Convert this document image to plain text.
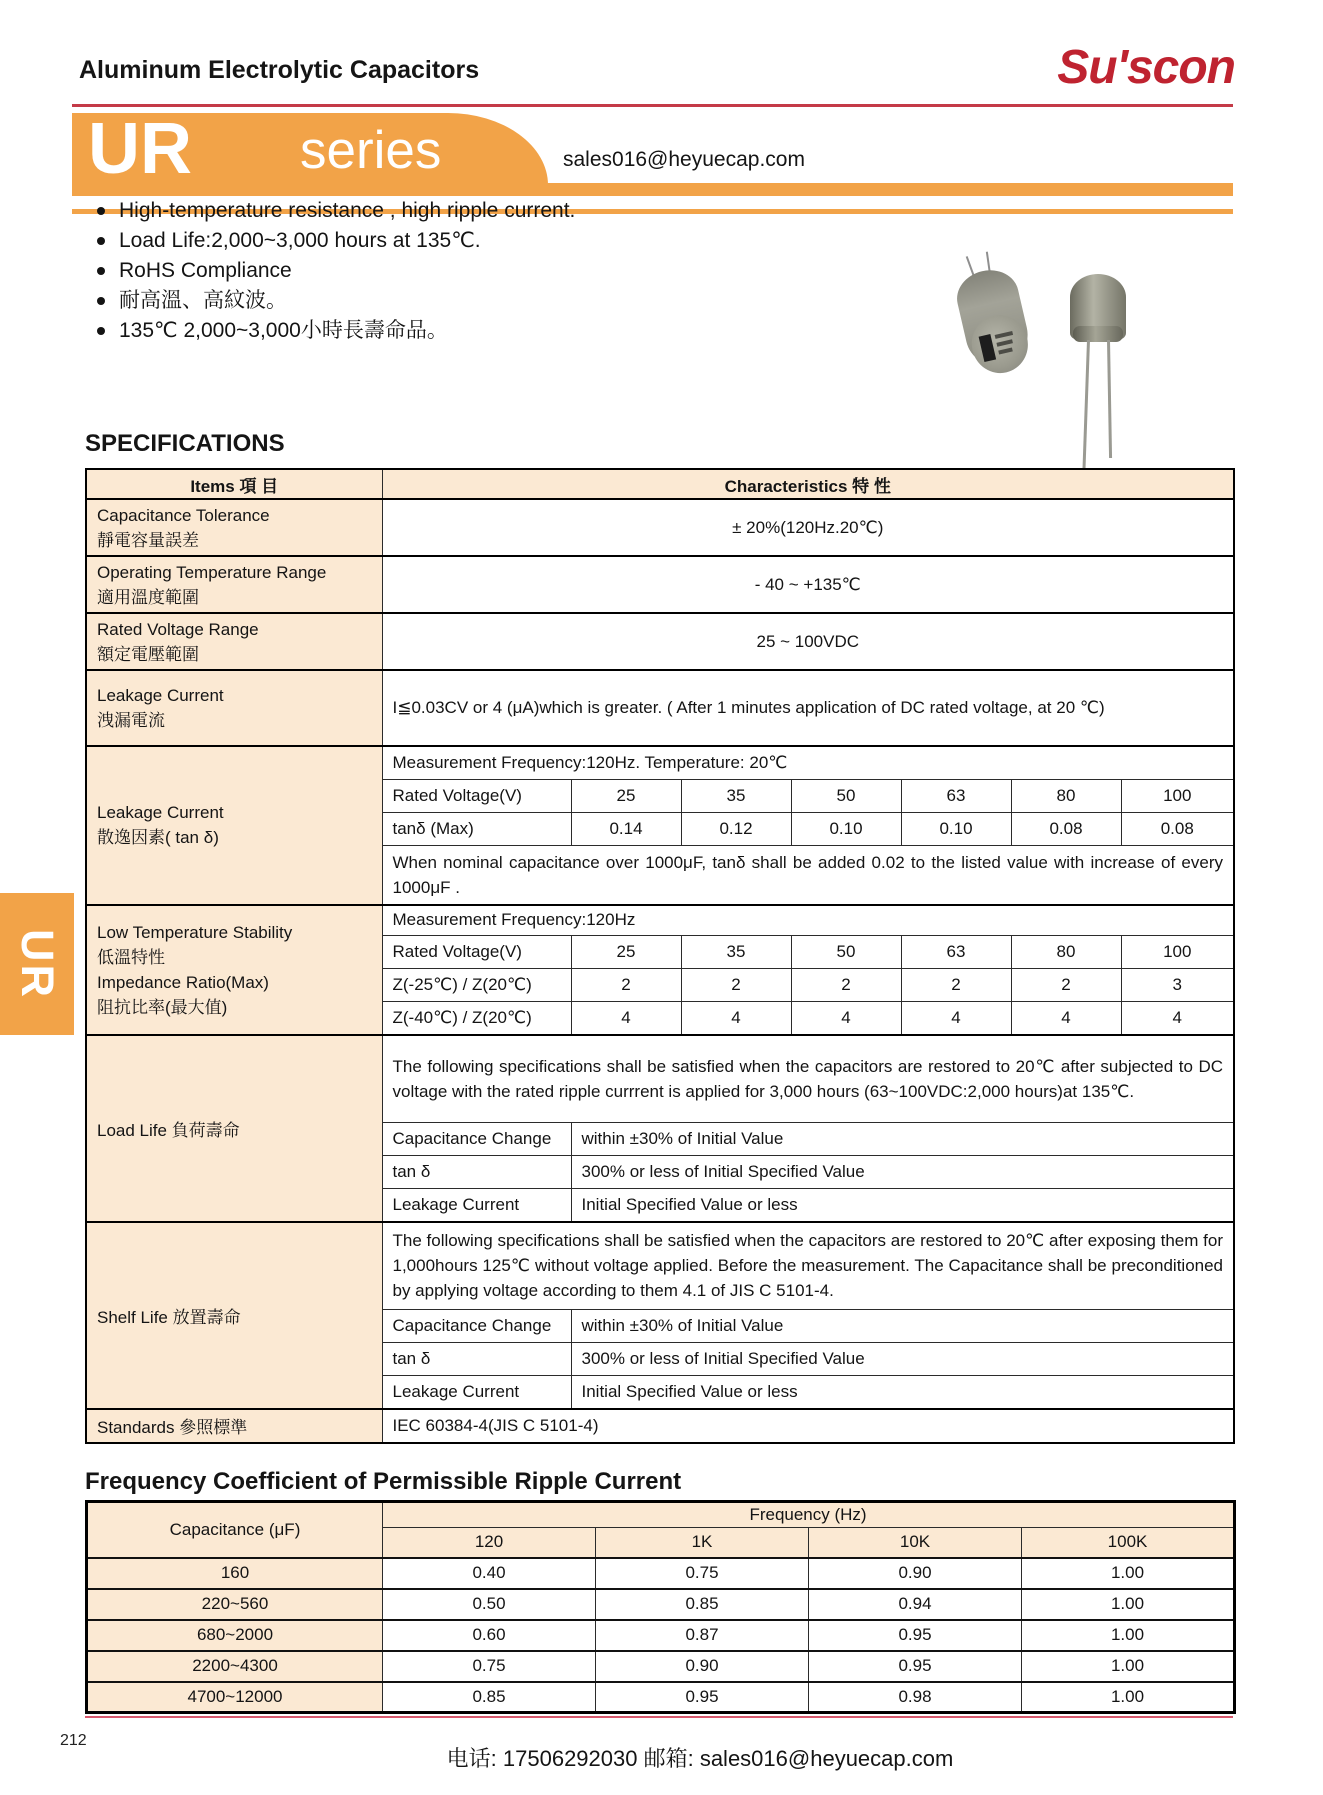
Aluminum Electrolytic Capacitors	Su'scon
UR series	sales016@heyuecap.com
High-temperature resistance , high ripple current.
Load Life:2,000~3,000 hours at 135℃.
RoHS Compliance
耐高溫、高紋波。
135℃ 2,000~3,000小時長壽命品。
UR
SPECIFICATIONS
Items 項 目	Characteristics 特 性						

Capacitance Tolerance
靜電容量誤差	± 20%(120Hz.20℃)						

Operating Temperature Range
適用溫度範圍	- 40 ~ +135℃						

Rated Voltage Range
額定電壓範圍	25 ~ 100VDC						

Leakage Current
洩漏電流	I≦0.03CV or 4 (μA)which is greater. ( After 1 minutes application of DC rated voltage, at 20 ℃)						

Leakage Current
散逸因素( tan δ)	Measurement Frequency:120Hz. Temperature: 20℃						
	Rated Voltage(V)	25	35	50	63	80	100
	tanδ (Max)	0.14	0.12	0.10	0.10	0.08	0.08
	When nominal capacitance over 1000μF, tanδ shall be added 0.02 to the listed value with increase of every 1000μF .						

Low Temperature Stability
低溫特性
Impedance Ratio(Max)
阻抗比率(最大值)	Measurement Frequency:120Hz						
	Rated Voltage(V)	25	35	50	63	80	100
	Z(-25℃) / Z(20℃)	2	2	2	2	2	3
	Z(-40℃) / Z(20℃)	4	4	4	4	4	4
Load Life 負荷壽命	The following specifications shall be satisfied when the capacitors are restored to 20℃ after subjected to DC voltage with the rated ripple currrent is applied for 3,000 hours (63~100VDC:2,000 hours)at 135℃.						
	Capacitance Change	within ±30% of Initial Value					
	tan δ	300% or less of Initial Specified Value					
	Leakage Current	Initial Specified Value or less					
Shelf Life 放置壽命	The following specifications shall be satisfied when the capacitors are restored to 20℃ after exposing them for 1,000hours 125℃ without voltage applied. Before the measurement. The Capacitance shall be preconditioned by applying voltage according to them 4.1 of JIS C 5101-4.						
	Capacitance Change	within ±30% of Initial Value					
	tan δ	300% or less of Initial Specified Value					
	Leakage Current	Initial Specified Value or less					
Standards 參照標準	IEC 60384-4(JIS C 5101-4)						
Frequency Coefficient of Permissible Ripple Current
Capacitance (μF)	Frequency (Hz)			
	120	1K	10K	100K
160	0.40	0.75	0.90	1.00
220~560	0.50	0.85	0.94	1.00
680~2000	0.60	0.87	0.95	1.00
2200~4300	0.75	0.90	0.95	1.00
4700~12000	0.85	0.95	0.98	1.00
212
电话: 17506292030 邮箱: sales016@heyuecap.com
